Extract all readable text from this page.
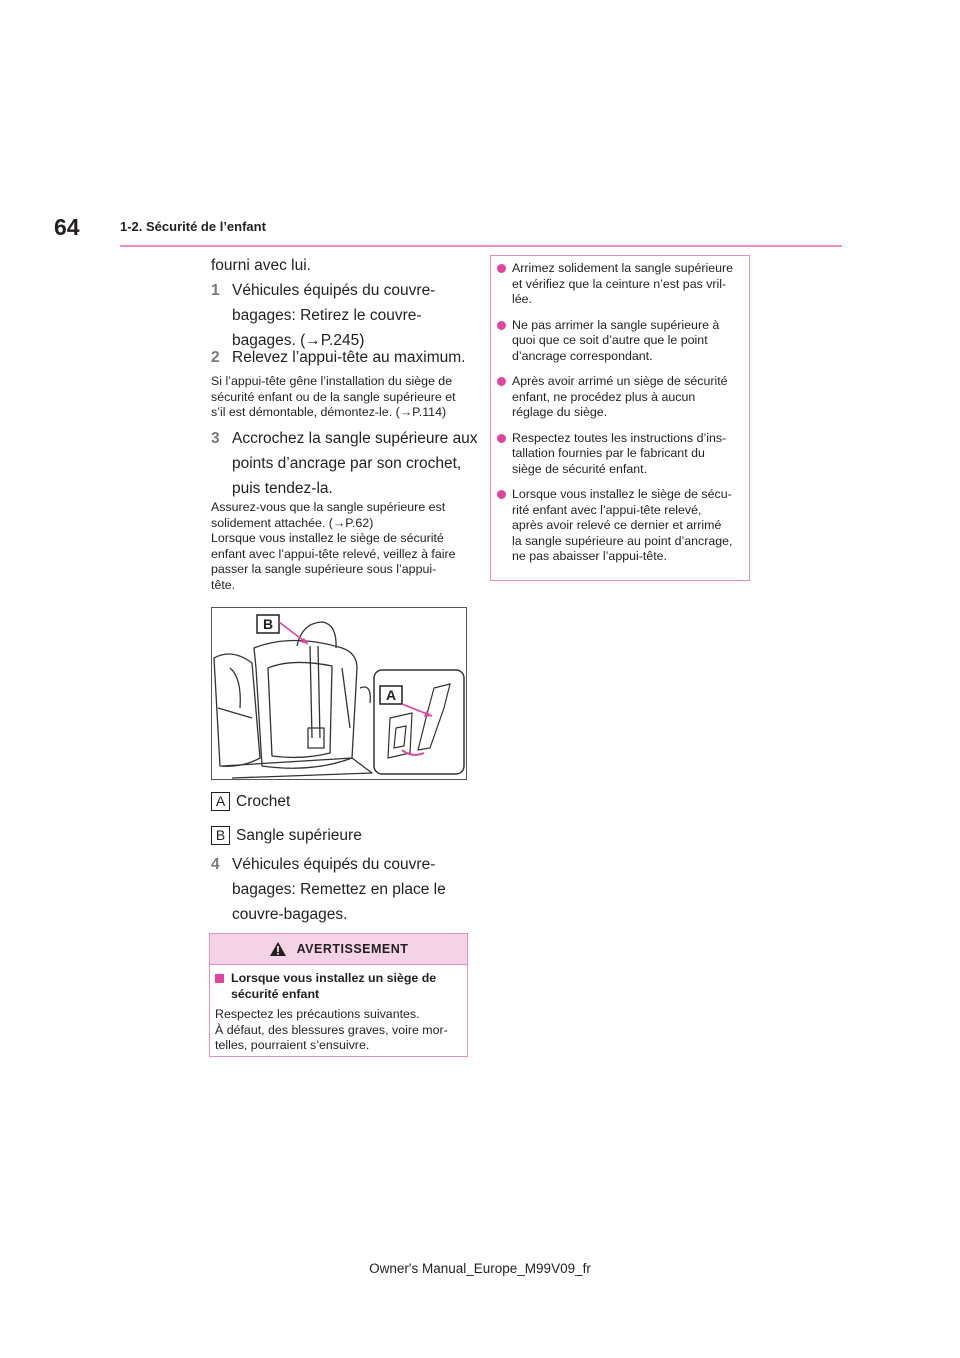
64	1-2. Sécurité de l’enfant
fourni avec lui.
1 Véhicules équipés du couvre-
bagages: Retirez le couvre-
bagages. (→P.245)
2 Relevez l’appui-tête au maximum.
Si l’appui-tête gêne l’installation du siège de
sécurité enfant ou de la sangle supérieure et
s’il est démontable, démontez-le. (→P.114)
3 Accrochez la sangle supérieure aux
points d’ancrage par son crochet,
puis tendez-la.
Assurez-vous que la sangle supérieure est
solidement attachée. (→P.62)
Lorsque vous installez le siège de sécurité
enfant avec l’appui-tête relevé, veillez à faire
passer la sangle supérieure sous l’appui-
tête.
B
A
A Crochet
B Sangle supérieure
4 Véhicules équipés du couvre-
bagages: Remettez en place le
couvre-bagages.
AVERTISSEMENT
Lorsque vous installez un siège de
sécurité enfant
Respectez les précautions suivantes.
À défaut, des blessures graves, voire mor-
telles, pourraient s’ensuivre.
Arrimez solidement la sangle supérieure
et vérifiez que la ceinture n’est pas vril-
lée.
Ne pas arrimer la sangle supérieure à
quoi que ce soit d’autre que le point
d’ancrage correspondant.
Après avoir arrimé un siège de sécurité
enfant, ne procédez plus à aucun
réglage du siège.
Respectez toutes les instructions d’ins-
tallation fournies par le fabricant du
siège de sécurité enfant.
Lorsque vous installez le siège de sécu-
rité enfant avec l’appui-tête relevé,
après avoir relevé ce dernier et arrimé
la sangle supérieure au point d’ancrage,
ne pas abaisser l’appui-tête.
Owner's Manual_Europe_M99V09_fr
